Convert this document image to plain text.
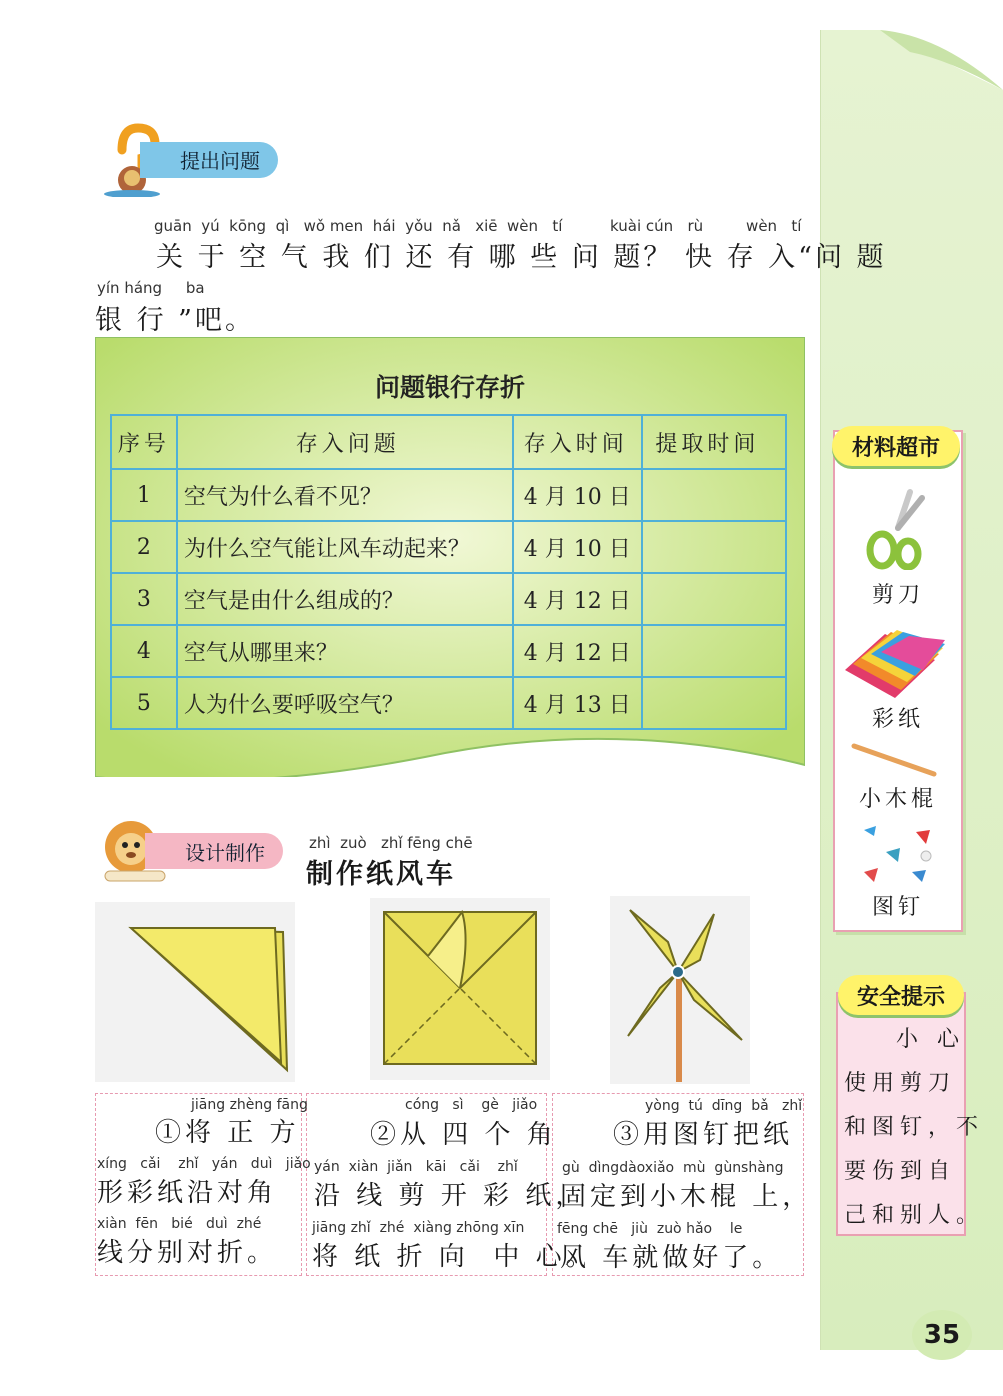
提出问题
guān  yú  kōng  qì   wǒ men  hái  yǒu  nǎ   xiē  wèn   tí          kuài cún   rù         wèn   tí
关 于 空 气 我 们 还 有 哪 些 问 题？ 快 存 入“问 题
yín háng     ba
银 行 ”吧。
问题银行存折
序号	存入问题	存入时间	提取时间
1	空气为什么看不见？	4 月 10 日	
2	为什么空气能让风车动起来？	4 月 10 日	
3	空气是由什么组成的？	4 月 12 日	
4	空气从哪里来？	4 月 12 日	
5	人为什么要呼吸空气？	4 月 13 日	
设计制作	zhì  zuò   zhǐ fēng chē
制作纸风车
jiāng zhèng fāng
①将 正 方
xíng   cǎi    zhǐ   yán   duì   jiǎo
形彩纸沿对角
xiàn  fēn   bié   duì  zhé
线分别对折。
cóng   sì    gè   jiǎo
②从 四 个 角
yán  xiàn  jiǎn   kāi   cǎi    zhǐ
沿 线 剪 开 彩 纸，
jiāng zhǐ  zhé  xiàng zhōng xīn
将 纸 折 向  中 心。
yòng  tú  dīng  bǎ   zhǐ
③用图钉把纸
gù  dìngdàoxiǎo  mù  gùnshàng
固定到小木棍 上，
fēng chē   jiù  zuò hǎo    le
风 车就做好了。
材料超市
剪刀
彩纸
小木棍
图钉
安全提示
小 心
使用剪刀
和图钉，不
要伤到自
己和别人。
35
